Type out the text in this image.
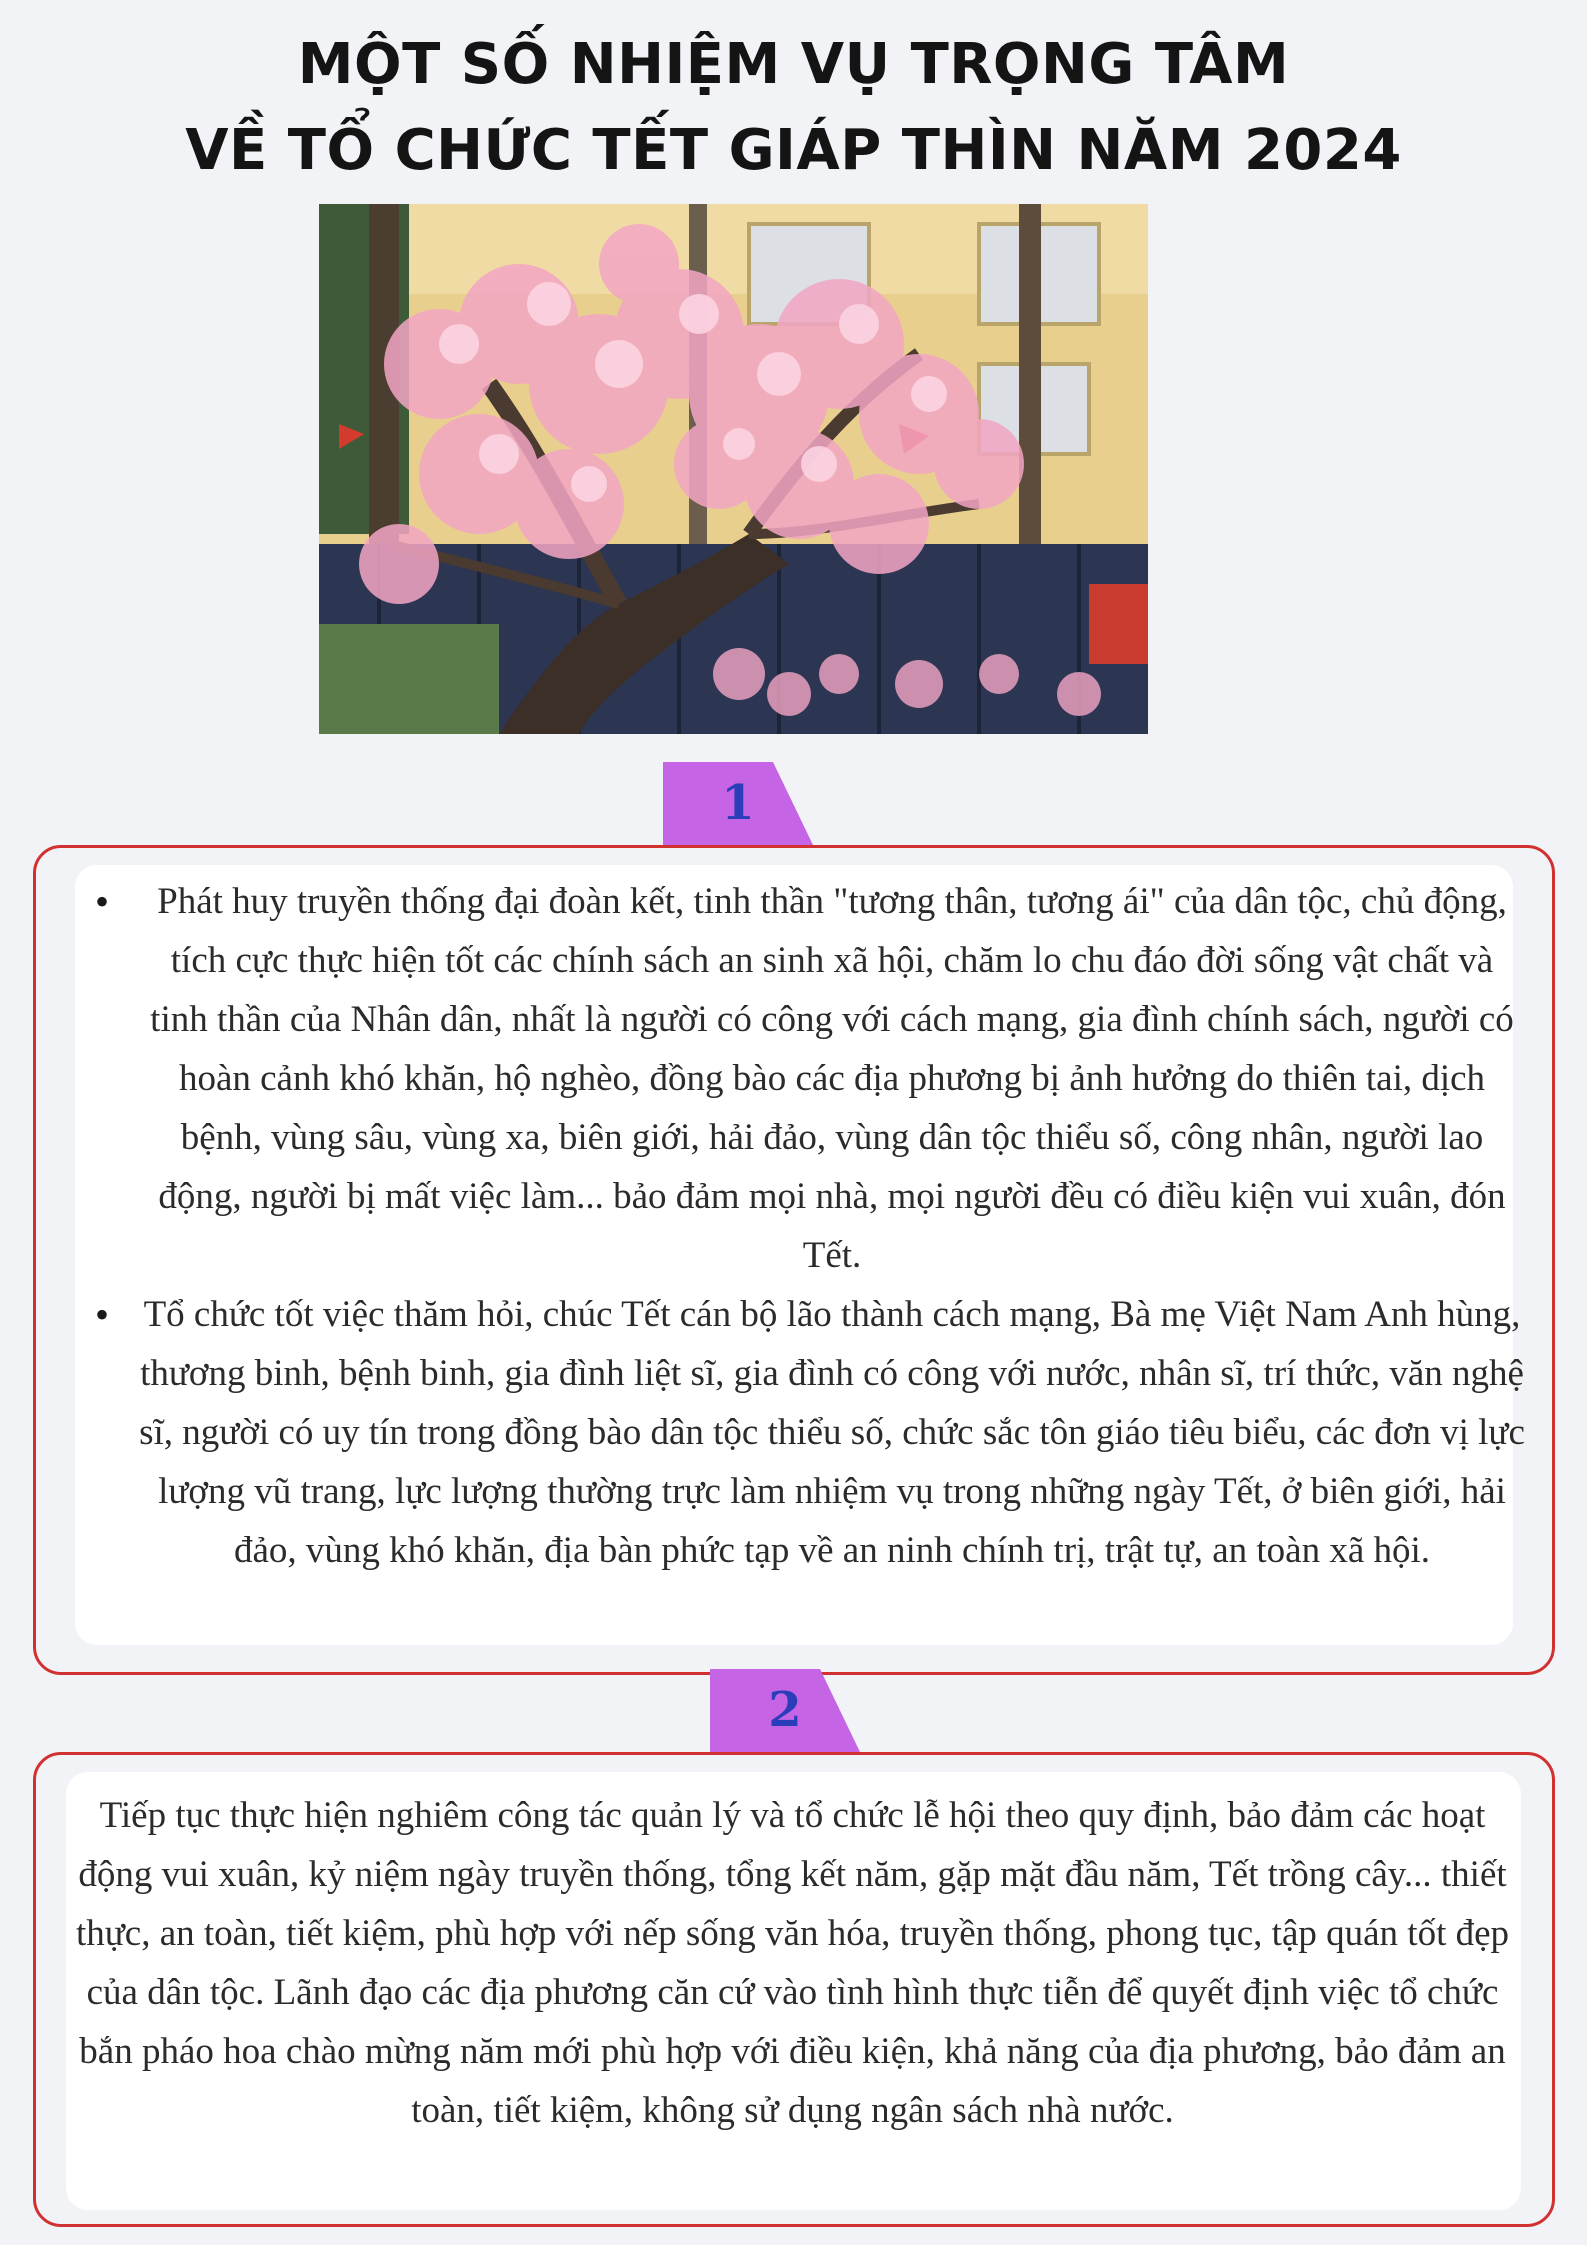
MỘT SỐ NHIỆM VỤ TRỌNG TÂM
VỀ TỔ CHỨC TẾT GIÁP THÌN NĂM 2024
1
•	Phát huy truyền thống đại đoàn kết, tinh thần "tương thân, tương ái" của dân tộc, chủ động, tích cực thực hiện tốt các chính sách an sinh xã hội, chăm lo chu đáo đời sống vật chất và tinh thần của Nhân dân, nhất là người có công với cách mạng, gia đình chính sách, người có hoàn cảnh khó khăn, hộ nghèo, đồng bào các địa phương bị ảnh hưởng do thiên tai, dịch bệnh, vùng sâu, vùng xa, biên giới, hải đảo, vùng dân tộc thiểu số, công nhân, người lao động, người bị mất việc làm... bảo đảm mọi nhà, mọi người đều có điều kiện vui xuân, đón Tết.
• Tổ chức tốt việc thăm hỏi, chúc Tết cán bộ lão thành cách mạng, Bà mẹ Việt Nam Anh hùng, thương binh, bệnh binh, gia đình liệt sĩ, gia đình có công với nước, nhân sĩ, trí thức, văn nghệ sĩ, người có uy tín trong đồng bào dân tộc thiểu số, chức sắc tôn giáo tiêu biểu, các đơn vị lực lượng vũ trang, lực lượng thường trực làm nhiệm vụ trong những ngày Tết, ở biên giới, hải đảo, vùng khó khăn, địa bàn phức tạp về an ninh chính trị, trật tự, an toàn xã hội.
2
Tiếp tục thực hiện nghiêm công tác quản lý và tổ chức lễ hội theo quy định, bảo đảm các hoạt động vui xuân, kỷ niệm ngày truyền thống, tổng kết năm, gặp mặt đầu năm, Tết trồng cây... thiết thực, an toàn, tiết kiệm, phù hợp với nếp sống văn hóa, truyền thống, phong tục, tập quán tốt đẹp của dân tộc. Lãnh đạo các địa phương căn cứ vào tình hình thực tiễn để quyết định việc tổ chức bắn pháo hoa chào mừng năm mới phù hợp với điều kiện, khả năng của địa phương, bảo đảm an toàn, tiết kiệm, không sử dụng ngân sách nhà nước.
